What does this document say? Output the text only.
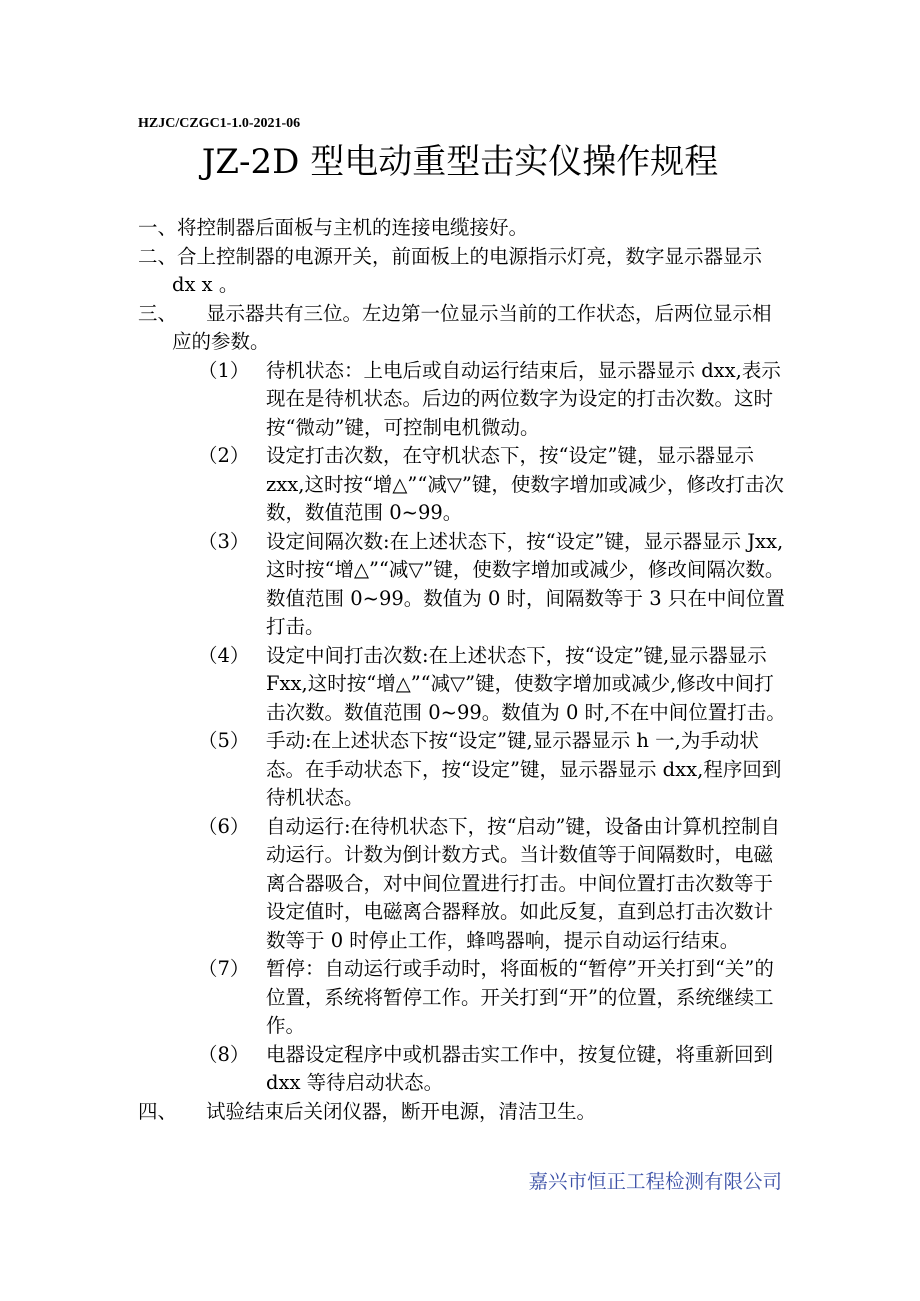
HZJC/CZGC1-1.0-2021-06
JZ-2D 型电动重型击实仪操作规程
一、将控制器后面板与主机的连接电缆接好。
二、合上控制器的电源开关，前面板上的电源指示灯亮，数字显示器显示 dx x 。
三、 显示器共有三位。左边第一位显示当前的工作状态，后两位显示相应的参数。
（1） 待机状态：上电后或自动运行结束后，显示器显示 dxx,表示现在是待机状态。后边的两位数字为设定的打击次数。这时按“微动”键，可控制电机微动。
（2） 设定打击次数，在守机状态下，按“设定”键，显示器显示 zxx,这时按“增△”“减▽”键，使数字增加或减少，修改打击次数，数值范围 0~99。
（3） 设定间隔次数:在上述状态下，按“设定”键，显示器显示 Jxx,这时按“增△”“减▽”键，使数字增加或减少，修改间隔次数。数值范围 0~99。数值为 0 时，间隔数等于 3 只在中间位置打击。
（4） 设定中间打击次数:在上述状态下，按“设定”键,显示器显示 Fxx,这时按“增△”“减▽”键，使数字增加或减少,修改中间打击次数。数值范围 0~99。数值为 0 时,不在中间位置打击。
（5） 手动:在上述状态下按“设定”键,显示器显示 h 一,为手动状态。在手动状态下，按“设定”键，显示器显示 dxx,程序回到待机状态。
（6） 自动运行:在待机状态下，按“启动”键，设备由计算机控制自动运行。计数为倒计数方式。当计数值等于间隔数时，电磁离合器吸合，对中间位置进行打击。中间位置打击次数等于设定值时，电磁离合器释放。如此反复，直到总打击次数计数等于 0 时停止工作，蜂鸣器响，提示自动运行结束。
（7） 暂停：自动运行或手动时，将面板的“暂停”开关打到“关”的位置，系统将暂停工作。开关打到“开”的位置，系统继续工作。
（8） 电器设定程序中或机器击实工作中，按复位键，将重新回到 dxx 等待启动状态。
四、 试验结束后关闭仪器，断开电源，清洁卫生。
嘉兴市恒正工程检测有限公司
